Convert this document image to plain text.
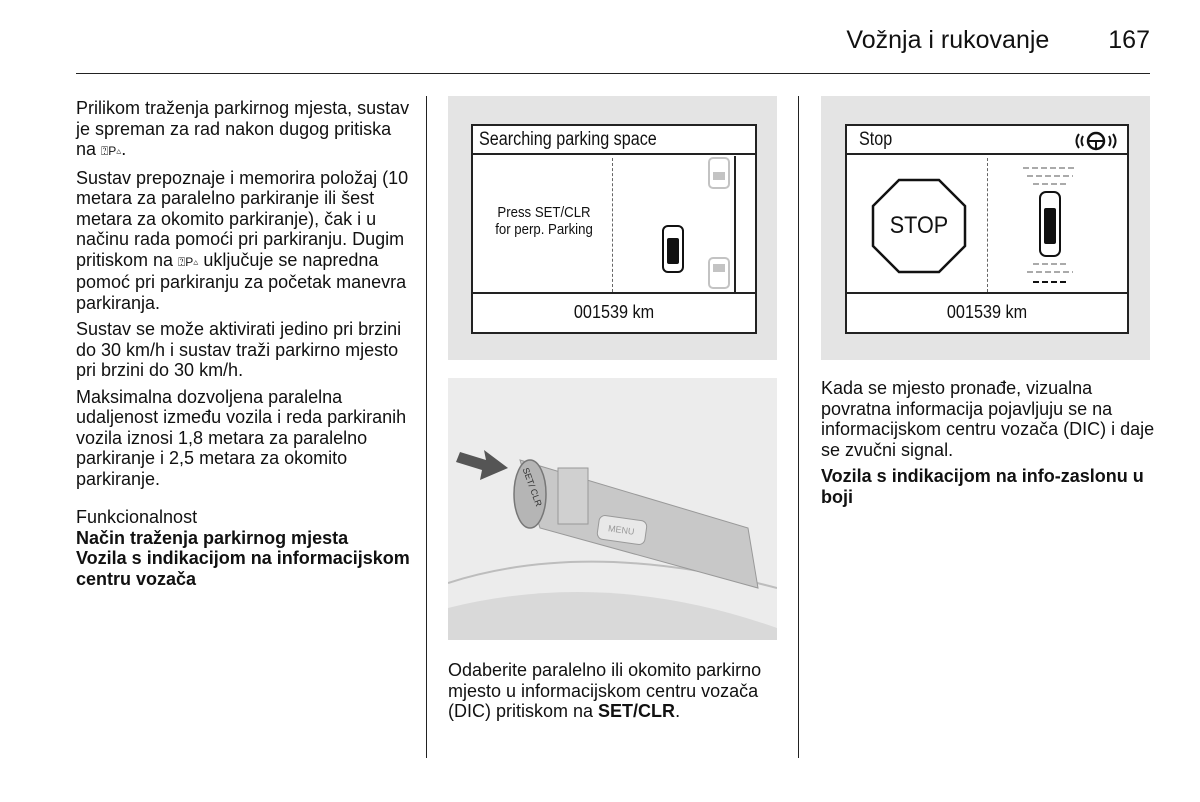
Vožnja i rukovanje 167

Prilikom traženja parkirnog mjesta, sustav je spreman za rad nakon dugog pritiska na ⍰P▵.

Sustav prepoznaje i memorira položaj (10 metara za paralelno parkiranje ili šest metara za okomito parkiranje), čak i u načinu rada pomoći pri parkiranju. Dugim pritiskom na ⍰P▵ uključuje se napredna pomoć pri parkiranju za početak manevra parkiranja.

Sustav se može aktivirati jedino pri brzini do 30 km/h i sustav traži parkirno mjesto pri brzini do 30 km/h.

Maksimalna dozvoljena paralelna udaljenost između vozila i reda parkiranih vozila iznosi 1,8 metara za paralelno parkiranje i 2,5 metara za okomito parkiranje.

Funkcionalnost
Način traženja parkirnog mjesta
Vozila s indikacijom na informacijskom centru vozača
Searching parking space
Press SET/CLR
for perp. Parking
001539 km
SET/ CLR
MENU
Odaberite paralelno ili okomito parkirno mjesto u informacijskom centru vozača (DIC) pritiskom na SET/CLR.
Stop
STOP
001539 km

Kada se mjesto pronađe, vizualna povratna informacija pojavljuju se na informacijskom centru vozača (DIC) i daje se zvučni signal.

Vozila s indikacijom na info-zaslonu u boji
